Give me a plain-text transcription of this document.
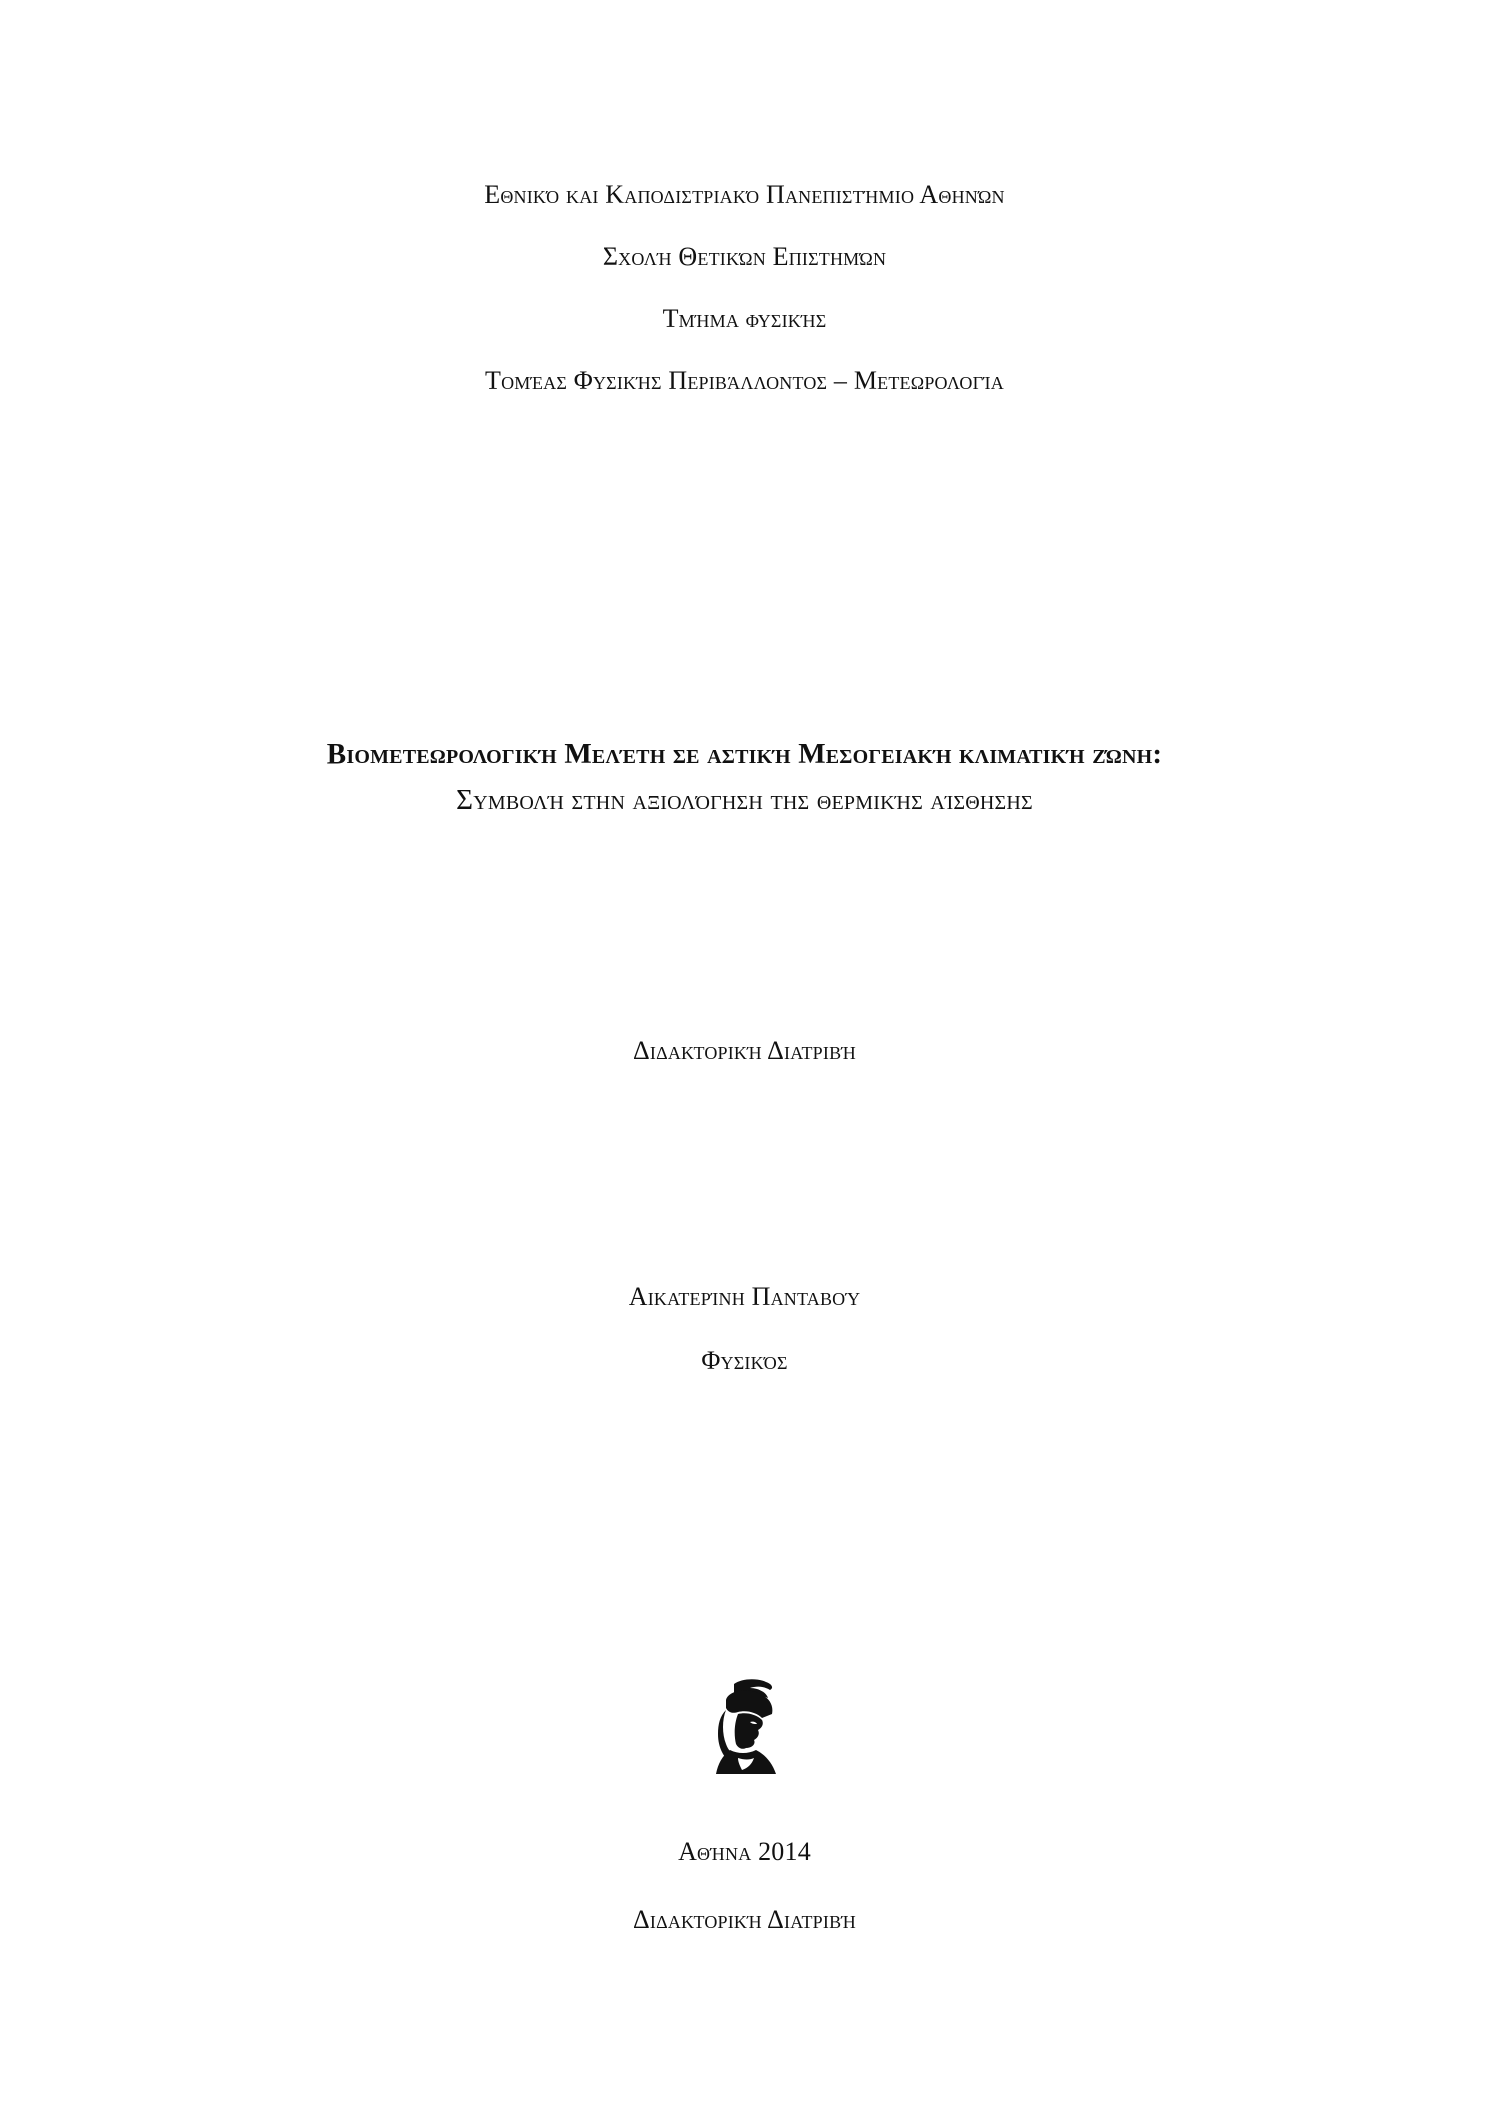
Εθνικό και Καποδιστριακό Πανεπιστήμιο Αθηνών
Σχολή Θετικών Επιστημών
Τμήμα φυσικής
Τομέας Φυσικής Περιβάλλοντος – Μετεωρολογία
Βιομετεωρολογική Μελέτη σε αστική Μεσογειακή κλιματική ζώνη:
Συμβολή στην αξιολόγηση της θερμικής αίσθησης
Διδακτορική Διατριβή
Αικατερίνη Πανταβού
Φυσικός
Αθήνα 2014
Διδακτορική Διατριβή
